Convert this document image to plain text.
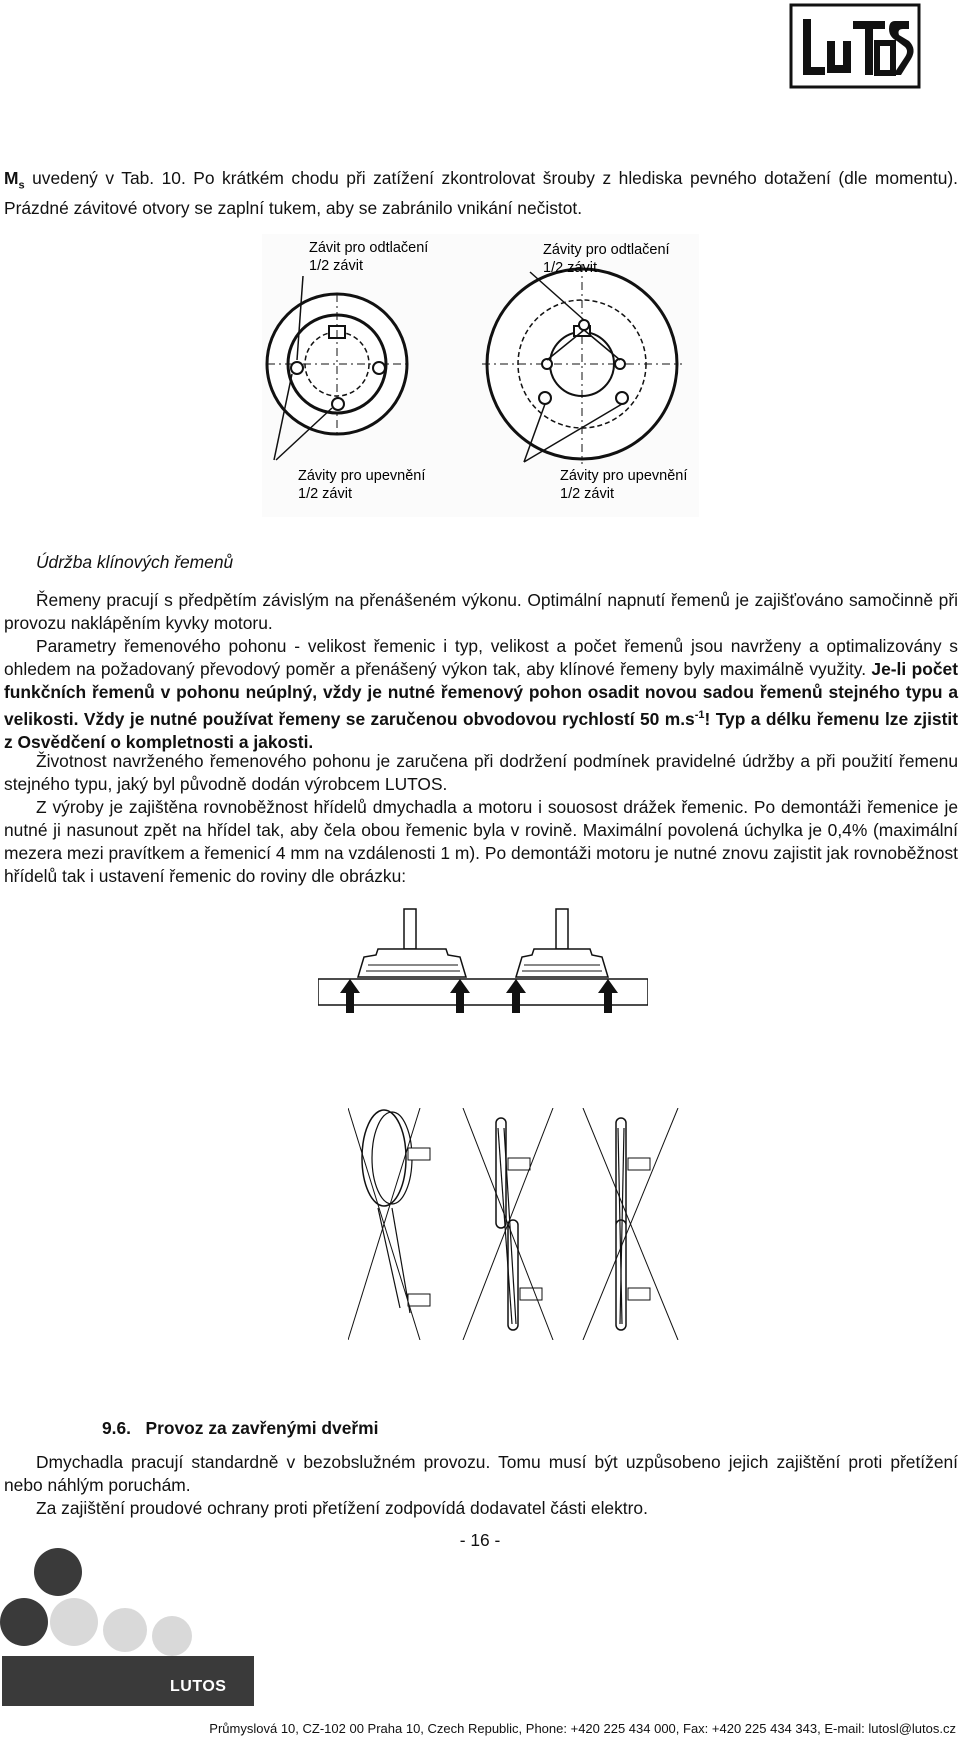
$M_s$ uvedený v Tab. 10. Po krátkém chodu při zatížení zkontrolovat šrouby z hlediska pevného dotažení (dle momentu). Prázdné závitové otvory se zaplní tukem, aby se zabránilo vnikání nečistot.
Závit pro odtlačení
1/2 závit
Závity pro odtlačení
1/2 závit
Závity pro upevnění
1/2 závit
Závity pro upevnění
1/2 závit
Údržba klínových řemenů
Řemeny pracují s předpětím závislým na přenášeném výkonu. Optimální napnutí řemenů je zajišťováno samočinně při provozu naklápěním kyvky motoru.
Parametry řemenového pohonu - velikost řemenic i typ, velikost a počet řemenů jsou navrženy a optimalizovány s ohledem na požadovaný převodový poměr a přenášený výkon tak, aby klínové řemeny byly maximálně využity. Je-li počet funkčních řemenů v pohonu neúplný, vždy je nutné řemenový pohon osadit novou sadou řemenů stejného typu a velikosti. Vždy je nutné používat řemeny se zaručenou obvodovou rychlostí 50 $m.s^{-1}$! Typ a délku řemenu lze zjistit z Osvědčení o kompletnosti a jakosti.
Životnost navrženého řemenového pohonu je zaručena při dodržení podmínek pravidelné údržby a při použití řemenu stejného typu, jaký byl původně dodán výrobcem LUTOS.
Z výroby je zajištěna rovnoběžnost hřídelů dmychadla a motoru i souosost drážek řemenic. Po demontáži řemenice je nutné ji nasunout zpět na hřídel tak, aby čela obou řemenic byla v rovině. Maximální povolená úchylka je 0,4% (maximální mezera mezi pravítkem a řemenicí 4 mm na vzdálenosti 1 m). Po demontáži motoru je nutné znovu zajistit jak rovnoběžnost hřídelů tak i ustavení řemenic do roviny dle obrázku:
9.6. Provoz za zavřenými dveřmi
Dmychadla pracují standardně v bezobslužném provozu. Tomu musí být uzpůsobeno jejich zajištění proti přetížení nebo náhlým poruchám.
Za zajištění proudové ochrany proti přetížení zodpovídá dodavatel části elektro.
- 16 -
LUTOS
Průmyslová 10, CZ-102 00 Praha 10, Czech Republic, Phone: +420 225 434 000, Fax: +420 225 434 343, E-mail: lutosl@lutos.cz
